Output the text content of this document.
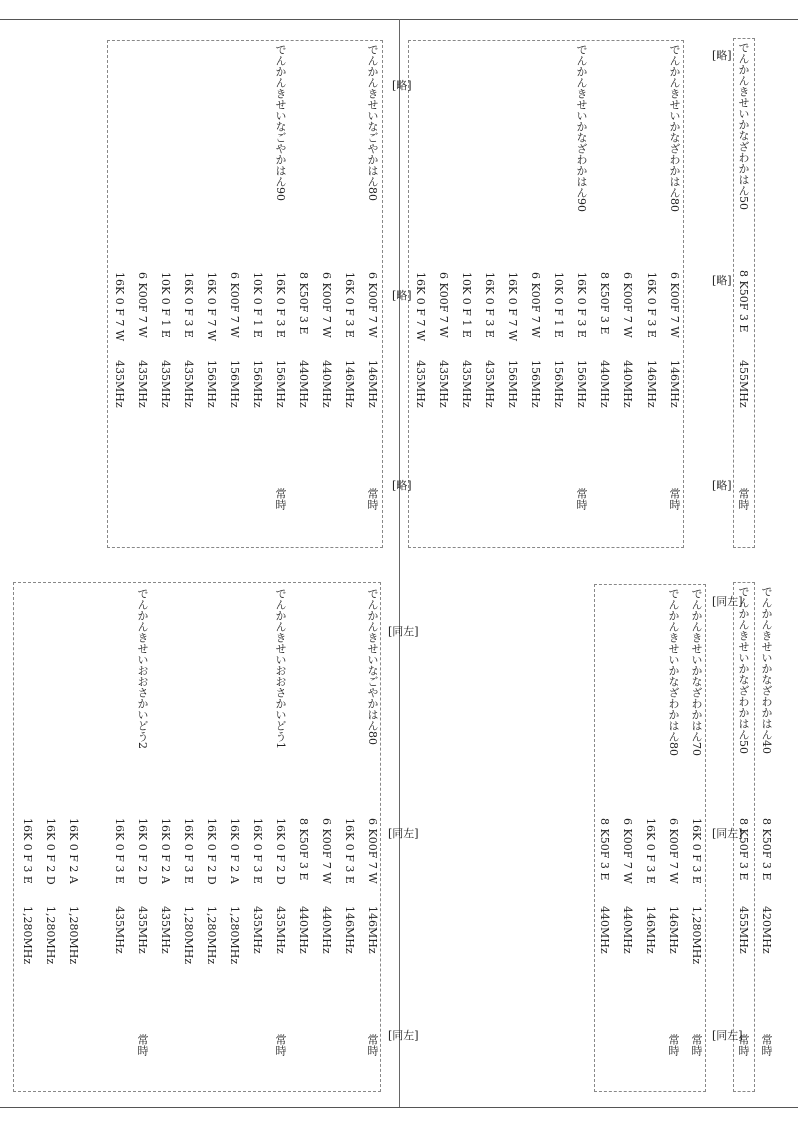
でんかんきせいかなざわかはん50
8 K50F 3 E
455MHz
常時
[略]
[略]
[略]
でんかんきせいかなざわかはん80
常時
6 K00F 7 W
146MHz
16K 0 F 3 E
146MHz
6 K00F 7 W
440MHz
8 K50F 3 E
440MHz
でんかんきせいかなざわかはん90
常時
16K 0 F 3 E
156MHz
10K 0 F 1 E
156MHz
6 K00F 7 W
156MHz
16K 0 F 7 W
156MHz
16K 0 F 3 E
435MHz
10K 0 F 1 E
435MHz
6 K00F 7 W
435MHz
16K 0 F 7 W
435MHz
[略]
[略]
[略]
でんかんきせいなごやかはん80
常時
6 K00F 7 W
146MHz
16K 0 F 3 E
146MHz
6 K00F 7 W
440MHz
8 K50F 3 E
440MHz
でんかんきせいなごやかはん90
常時
16K 0 F 3 E
156MHz
10K 0 F 1 E
156MHz
6 K00F 7 W
156MHz
16K 0 F 7 W
156MHz
16K 0 F 3 E
435MHz
10K 0 F 1 E
435MHz
6 K00F 7 W
435MHz
16K 0 F 7 W
435MHz
でんかんきせいかなざわかはん40
8 K50F 3 E
420MHz
常時
でんかんきせいかなざわかはん50
8 K50F 3 E
455MHz
常時
[同左]
[同左]
[同左]
でんかんきせいかなざわかはん70
16K 0 F 3 E
1,280MHz
常時
でんかんきせいかなざわかはん80
常時
6 K00F 7 W
146MHz
16K 0 F 3 E
146MHz
6 K00F 7 W
440MHz
8 K50F 3 E
440MHz
[同左]
[同左]
[同左]
でんかんきせいなごやかはん80
常時
6 K00F 7 W
146MHz
16K 0 F 3 E
146MHz
6 K00F 7 W
440MHz
8 K50F 3 E
440MHz
でんかんきせいおおさかいどう1
常時
16K 0 F 2 D
435MHz
16K 0 F 3 E
435MHz
16K 0 F 2 A
1,280MHz
16K 0 F 2 D
1,280MHz
でんかんきせいおおさかいどう2
常時
16K 0 F 3 E
1,280MHz
16K 0 F 2 A
435MHz
16K 0 F 2 D
435MHz
16K 0 F 3 E
435MHz
16K 0 F 2 A
1,280MHz
16K 0 F 2 D
1,280MHz
16K 0 F 3 E
1,280MHz
